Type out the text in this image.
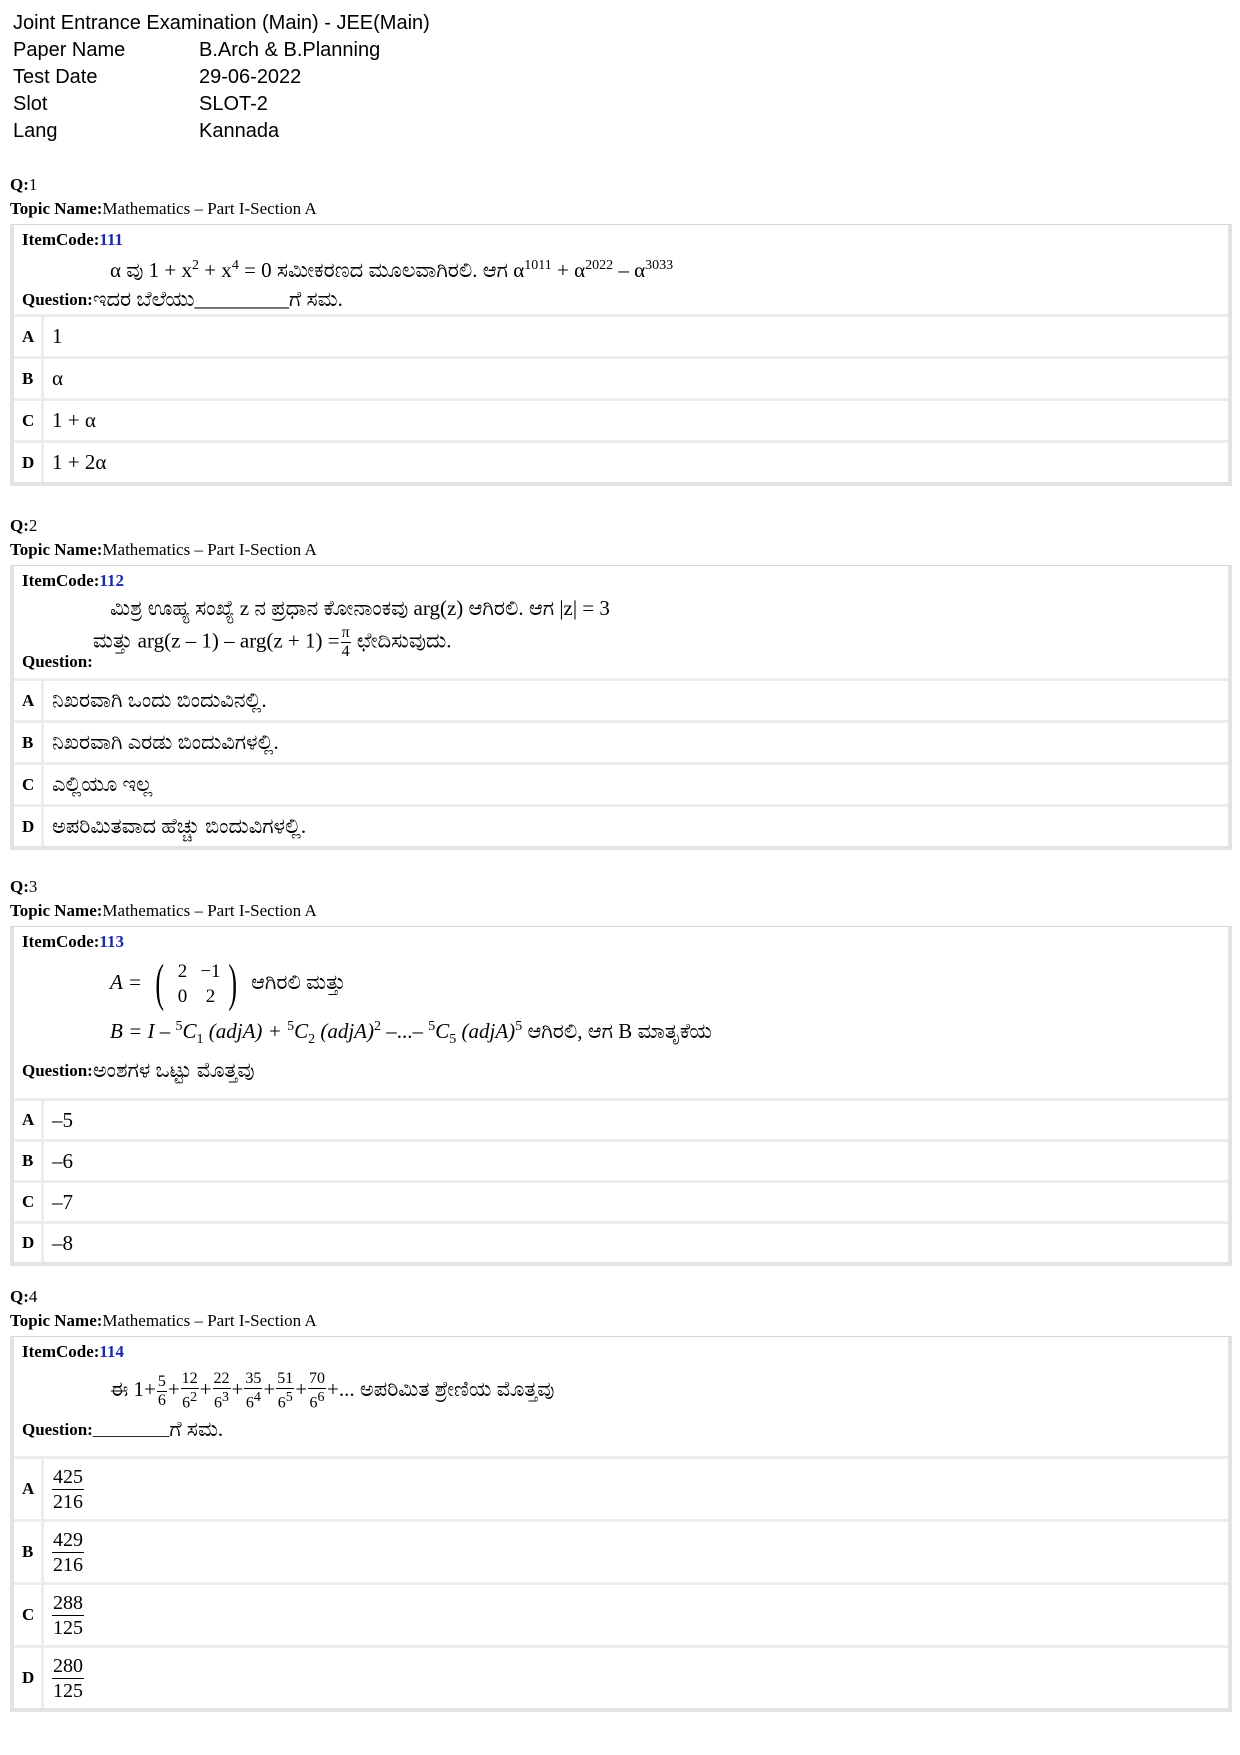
Joint Entrance Examination (Main) - JEE(Main)
Paper Name	B.Arch & B.Planning
Test Date	29-06-2022
Slot	SLOT-2
Lang	Kannada
Q:1
Topic Name:Mathematics – Part I-Section A
ItemCode:111
α ವು $1 + x^2 + x^4 = 0$ ಸಮೀಕರಣದ ಮೂಲವಾಗಿರಲಿ. ಆಗ $\alpha^{1011} + \alpha^{2022} - \alpha^{3033}$
Question: ಇದರ ಬೆಲೆಯು _________ ಗೆ ಸಮ.
A 1
B α
C 1 + α
D 1 + 2α
Q:2
Topic Name:Mathematics – Part I-Section A
ItemCode:112
ಮಿಶ್ರ ಊಹ್ಯ ಸಂಖ್ಯೆ z ನ ಪ್ರಧಾನ ಕೋನಾಂಕವು arg(z) ಆಗಿರಲಿ. ಆಗ |z| = 3
Question:
ಮತ್ತು $arg(z - 1) - arg(z + 1) = \frac{\pi}{4}$ ಛೇದಿಸುವುದು.
A ನಿಖರವಾಗಿ ಒಂದು ಬಿಂದುವಿನಲ್ಲಿ.
B ನಿಖರವಾಗಿ ಎರಡು ಬಿಂದುವಿಗಳಲ್ಲಿ.
C ಎಲ್ಲಿಯೂ ಇಲ್ಲ
D ಅಪರಿಮಿತವಾದ ಹೆಚ್ಚು ಬಿಂದುವಿಗಳಲ್ಲಿ.
Q:3
Topic Name:Mathematics – Part I-Section A
ItemCode:113
A = ( 2 −1
0 2 ) ಆಗಿರಲಿ ಮತ್ತು
$B = I - ^5C_1$ (adjA) + $^5C_2$ (adjA)$^2$ –...– $^5C_5$ (adjA)$^5$ ಆಗಿರಲಿ, ಆಗ B ಮಾತೃಕೆಯ
Question: ಅಂಶಗಳ ಒಟ್ಟು ಮೊತ್ತವು
A –5
B –6
C –7
D –8
Q:4
Topic Name:Mathematics – Part I-Section A
ItemCode:114
ಈ $1+ \frac{5}{6} + \frac{12}{6^2} + \frac{22}{6^3} + \frac{35}{6^4} + \frac{51}{6^5} + \frac{70}{6^6}$ +... ಅಪರಿಮಿತ ಶ್ರೇಣಿಯ ಮೊತ್ತವು
Question: _________ ಗೆ ಸಮ.
A $\frac{425}{216}$
B $\frac{429}{216}$
C $\frac{288}{125}$
D $\frac{280}{125}$
